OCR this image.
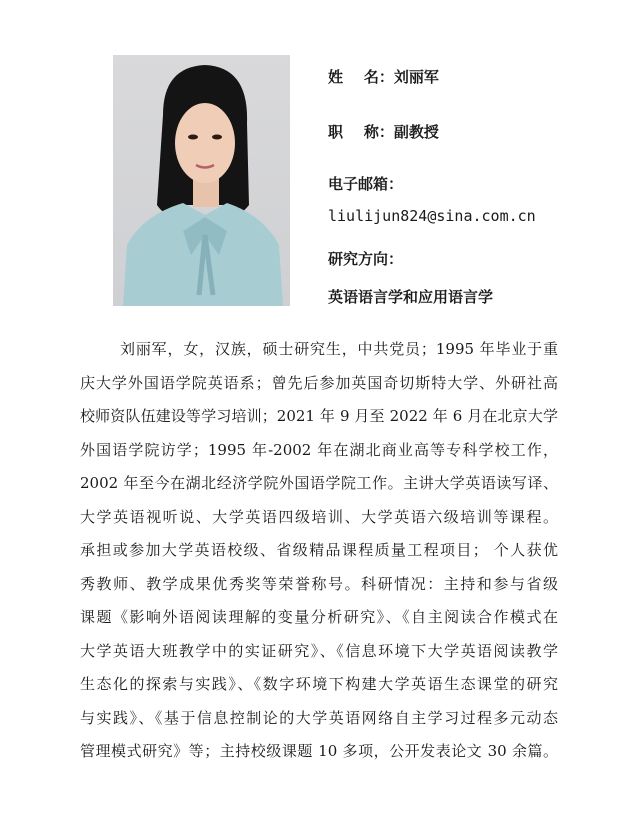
姓    名：刘丽军
职    称：副教授
电子邮箱：
liulijun824@sina.com.cn
研究方向：
英语语言学和应用语言学

刘丽军，女，汉族，硕士研究生，中共党员；1995 年毕业于重
庆大学外国语学院英语系；曾先后参加英国奇切斯特大学、外研社高
校师资队伍建设等学习培训；2021 年 9 月至 2022 年 6 月在北京大学
外国语学院访学；1995 年-2002 年在湖北商业高等专科学校工作，
2002 年至今在湖北经济学院外国语学院工作。主讲大学英语读写译、
大学英语视听说、大学英语四级培训、大学英语六级培训等课程。
承担或参加大学英语校级、省级精品课程质量工程项目； 个人获优
秀教师、教学成果优秀奖等荣誉称号。科研情况：主持和参与省级
课题《影响外语阅读理解的变量分析研究》、《自主阅读合作模式在
大学英语大班教学中的实证研究》、《信息环境下大学英语阅读教学
生态化的探索与实践》、《数字环境下构建大学英语生态课堂的研究
与实践》、《基于信息控制论的大学英语网络自主学习过程多元动态
管理模式研究》等；主持校级课题 10 多项，公开发表论文 30 余篇。
